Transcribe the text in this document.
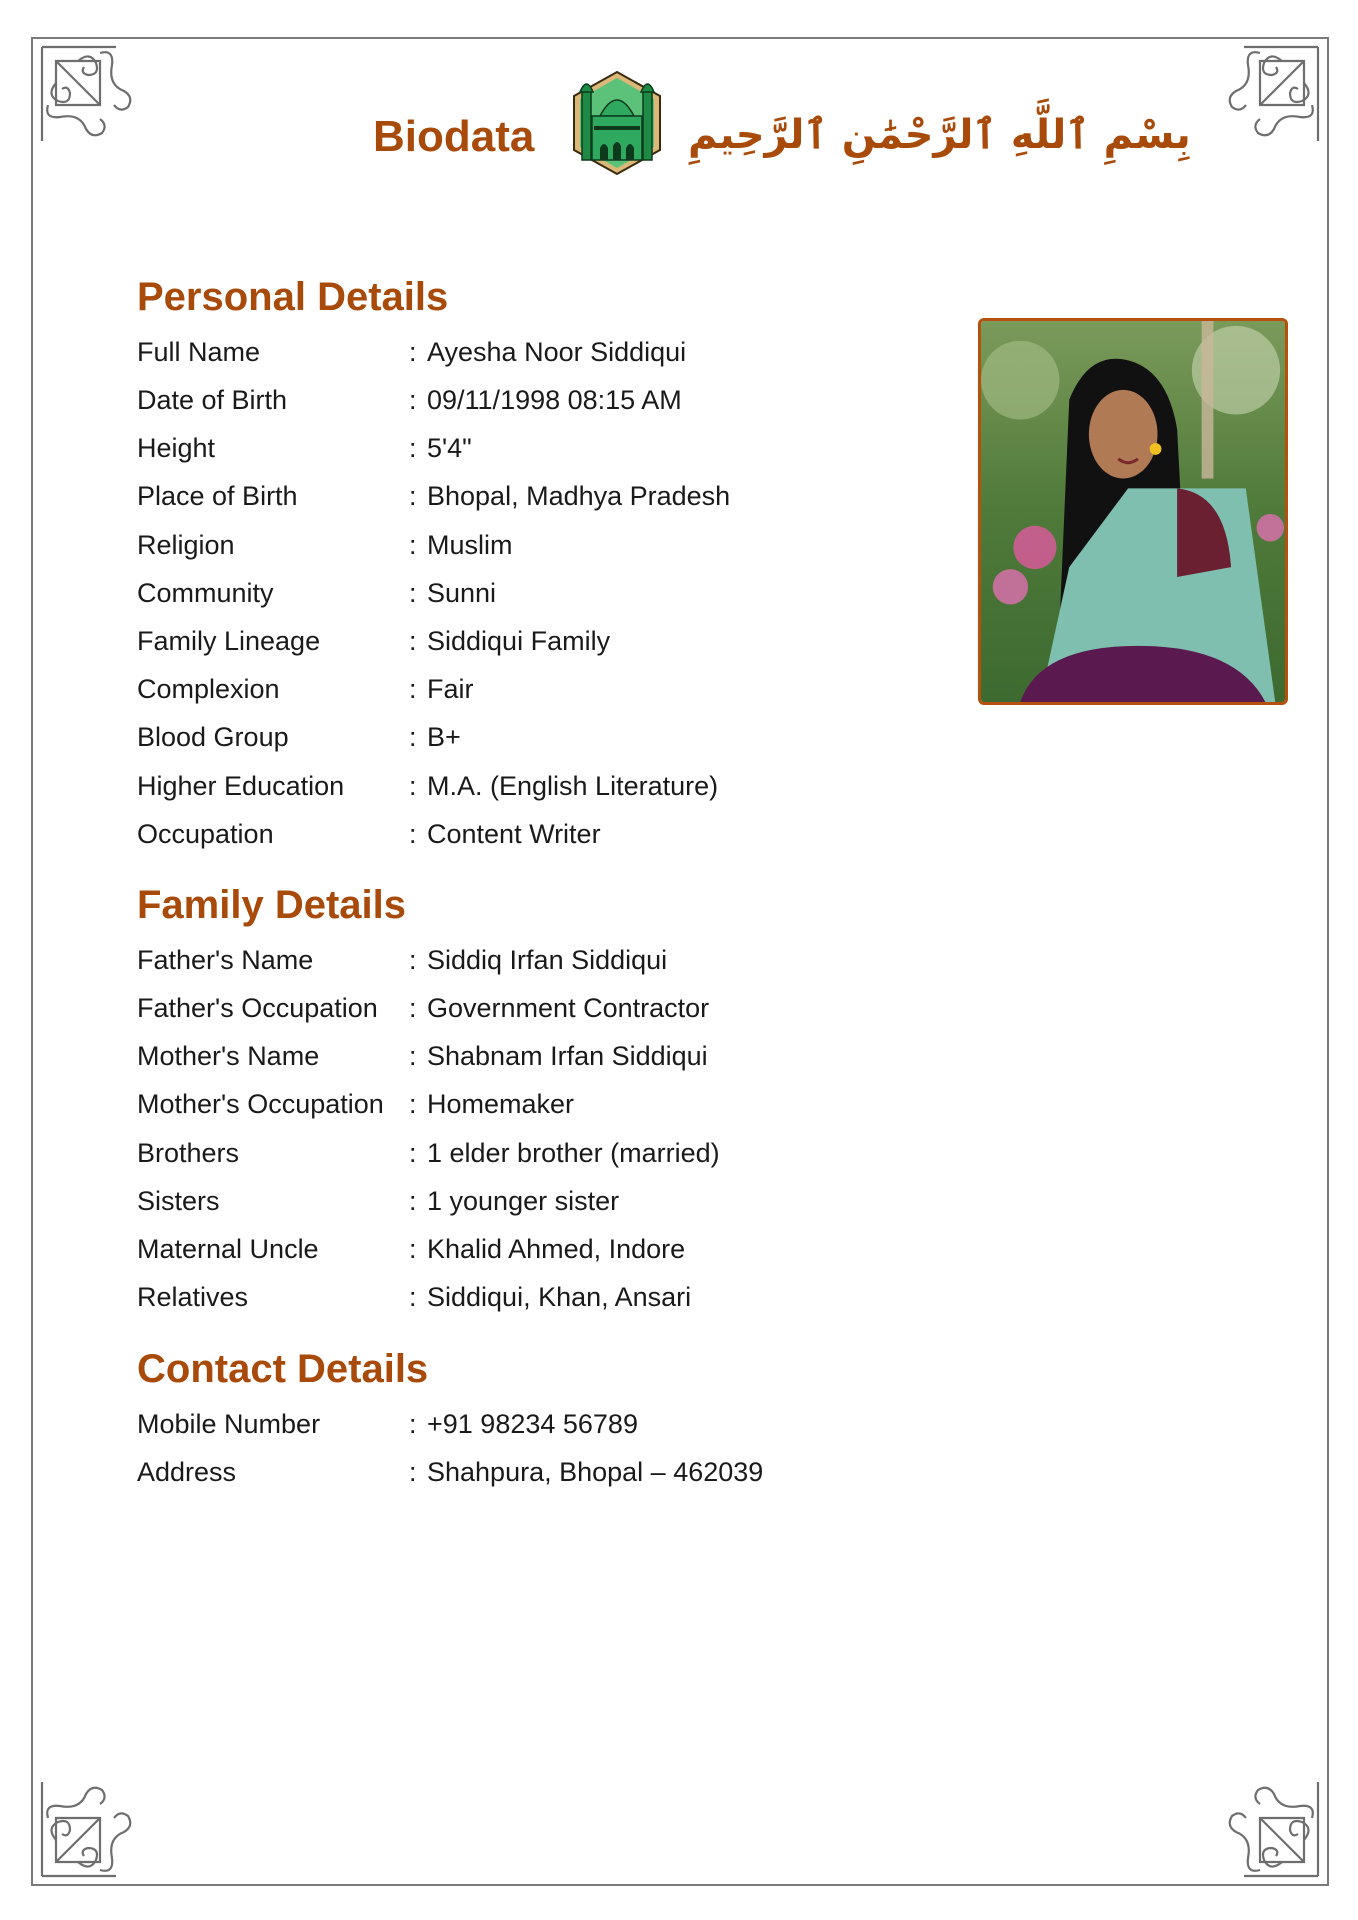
Biodata	بِسْمِ ٱللَّهِ ٱلرَّحْمَٰنِ ٱلرَّحِيمِ
Personal Details
Full Name	: Ayesha Noor Siddiqui
Date of Birth	: 09/11/1998 08:15 AM
Height	: 5'4"
Place of Birth	: Bhopal, Madhya Pradesh
Religion	: Muslim
Community	: Sunni
Family Lineage	: Siddiqui Family
Complexion	: Fair
Blood Group	: B+
Higher Education	: M.A. (English Literature)
Occupation	: Content Writer
Family Details
Father's Name	: Siddiq Irfan Siddiqui
Father's Occupation	: Government Contractor
Mother's Name	: Shabnam Irfan Siddiqui
Mother's Occupation : Homemaker
Brothers	: 1 elder brother (married)
Sisters	: 1 younger sister
Maternal Uncle	: Khalid Ahmed, Indore
Relatives	: Siddiqui, Khan, Ansari
Contact Details
Mobile Number	: +91 98234 56789
Address	: Shahpura, Bhopal – 462039
